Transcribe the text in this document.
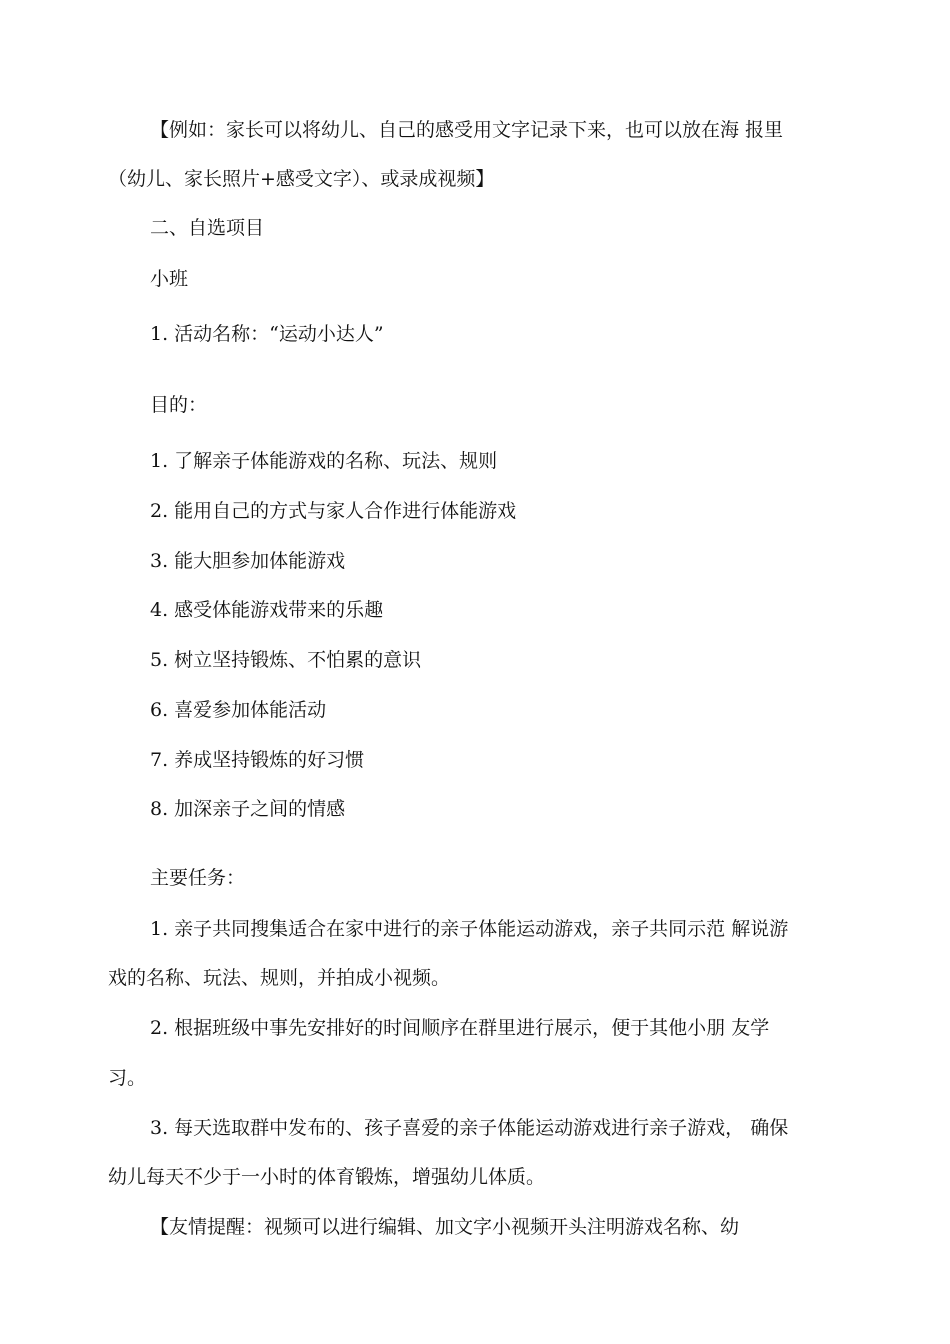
【例如：家长可以将幼儿、自己的感受用文字记录下来，也可以放在海 报里
（幼儿、家长照片+感受文字）、或录成视频】
二、自选项目
小班
1. 活动名称：“运动小达人”
目的：
1. 了解亲子体能游戏的名称、玩法、规则
2. 能用自己的方式与家人合作进行体能游戏
3. 能大胆参加体能游戏
4. 感受体能游戏带来的乐趣
5. 树立坚持锻炼、不怕累的意识
6. 喜爱参加体能活动
7. 养成坚持锻炼的好习惯
8. 加深亲子之间的情感
主要任务：
1. 亲子共同搜集适合在家中进行的亲子体能运动游戏，亲子共同示范 解说游
戏的名称、玩法、规则，并拍成小视频。
2. 根据班级中事先安排好的时间顺序在群里进行展示，便于其他小朋 友学
习。
3. 每天选取群中发布的、孩子喜爱的亲子体能运动游戏进行亲子游戏， 确保
幼儿每天不少于一小时的体育锻炼，增强幼儿体质。
【友情提醒：视频可以进行编辑、加文字小视频开头注明游戏名称、幼
